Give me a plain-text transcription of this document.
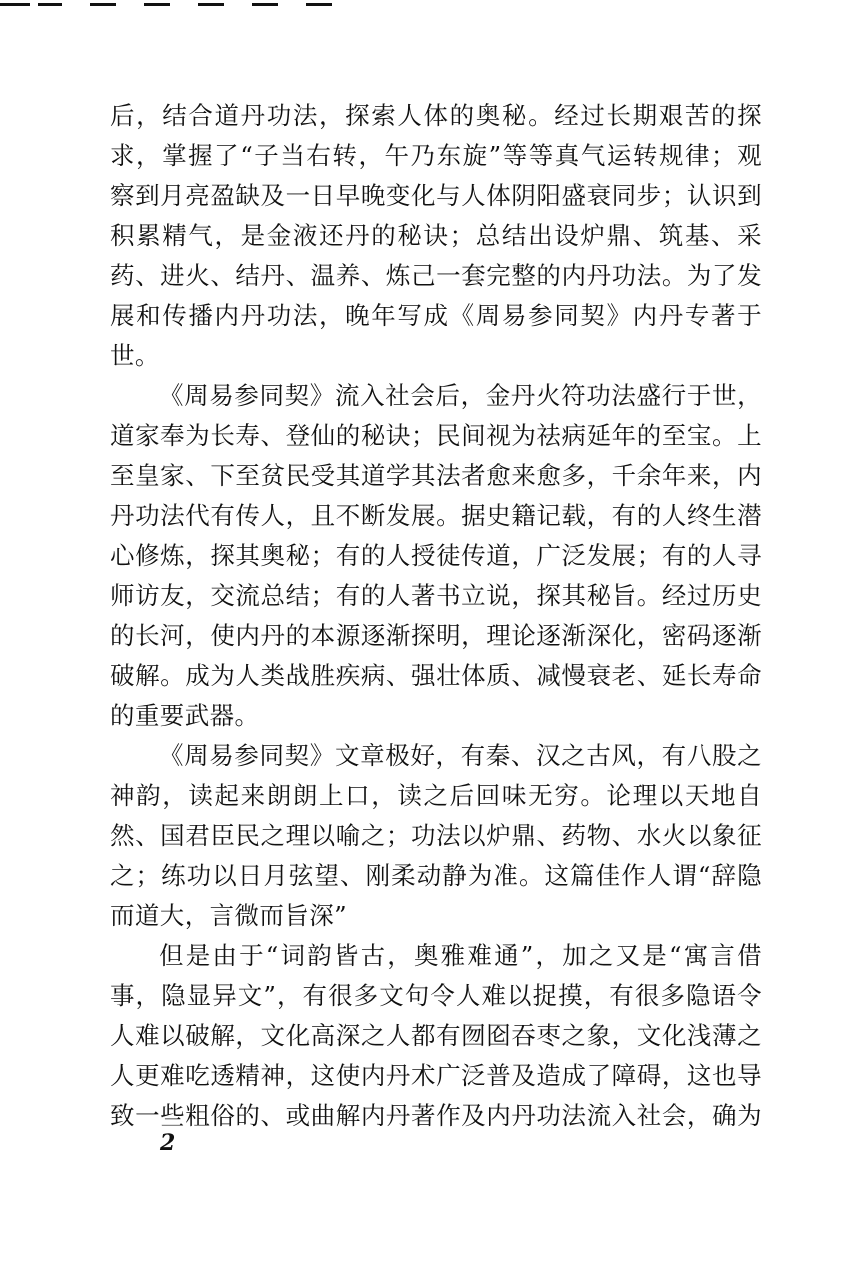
后，结合道丹功法，探索人体的奥秘。经过长期艰苦的探
求，掌握了“子当右转，午乃东旋”等等真气运转规律；观
察到月亮盈缺及一日早晚变化与人体阴阳盛衰同步；认识到
积累精气，是金液还丹的秘诀；总结出设炉鼎、筑基、采
药、进火、结丹、温养、炼己一套完整的内丹功法。为了发
展和传播内丹功法，晚年写成《周易参同契》内丹专著于
世。
《周易参同契》流入社会后，金丹火符功法盛行于世，
道家奉为长寿、登仙的秘诀；民间视为祛病延年的至宝。上
至皇家、下至贫民受其道学其法者愈来愈多，千余年来，内
丹功法代有传人，且不断发展。据史籍记载，有的人终生潜
心修炼，探其奥秘；有的人授徒传道，广泛发展；有的人寻
师访友，交流总结；有的人著书立说，探其秘旨。经过历史
的长河，使内丹的本源逐渐探明，理论逐渐深化，密码逐渐
破解。成为人类战胜疾病、强壮体质、减慢衰老、延长寿命
的重要武器。
《周易参同契》文章极好，有秦、汉之古风，有八股之
神韵，读起来朗朗上口，读之后回味无穷。论理以天地自
然、国君臣民之理以喻之；功法以炉鼎、药物、水火以象征
之；练功以日月弦望、刚柔动静为准。这篇佳作人谓“辞隐
而道大，言微而旨深”
但是由于“词韵皆古，奥雅难通”，加之又是“寓言借
事，隐显异文”，有很多文句令人难以捉摸，有很多隐语令
人难以破解，文化高深之人都有囫囵吞枣之象，文化浅薄之
人更难吃透精神，这使内丹术广泛普及造成了障碍，这也导
致一些粗俗的、或曲解内丹著作及内丹功法流入社会，确为
2
